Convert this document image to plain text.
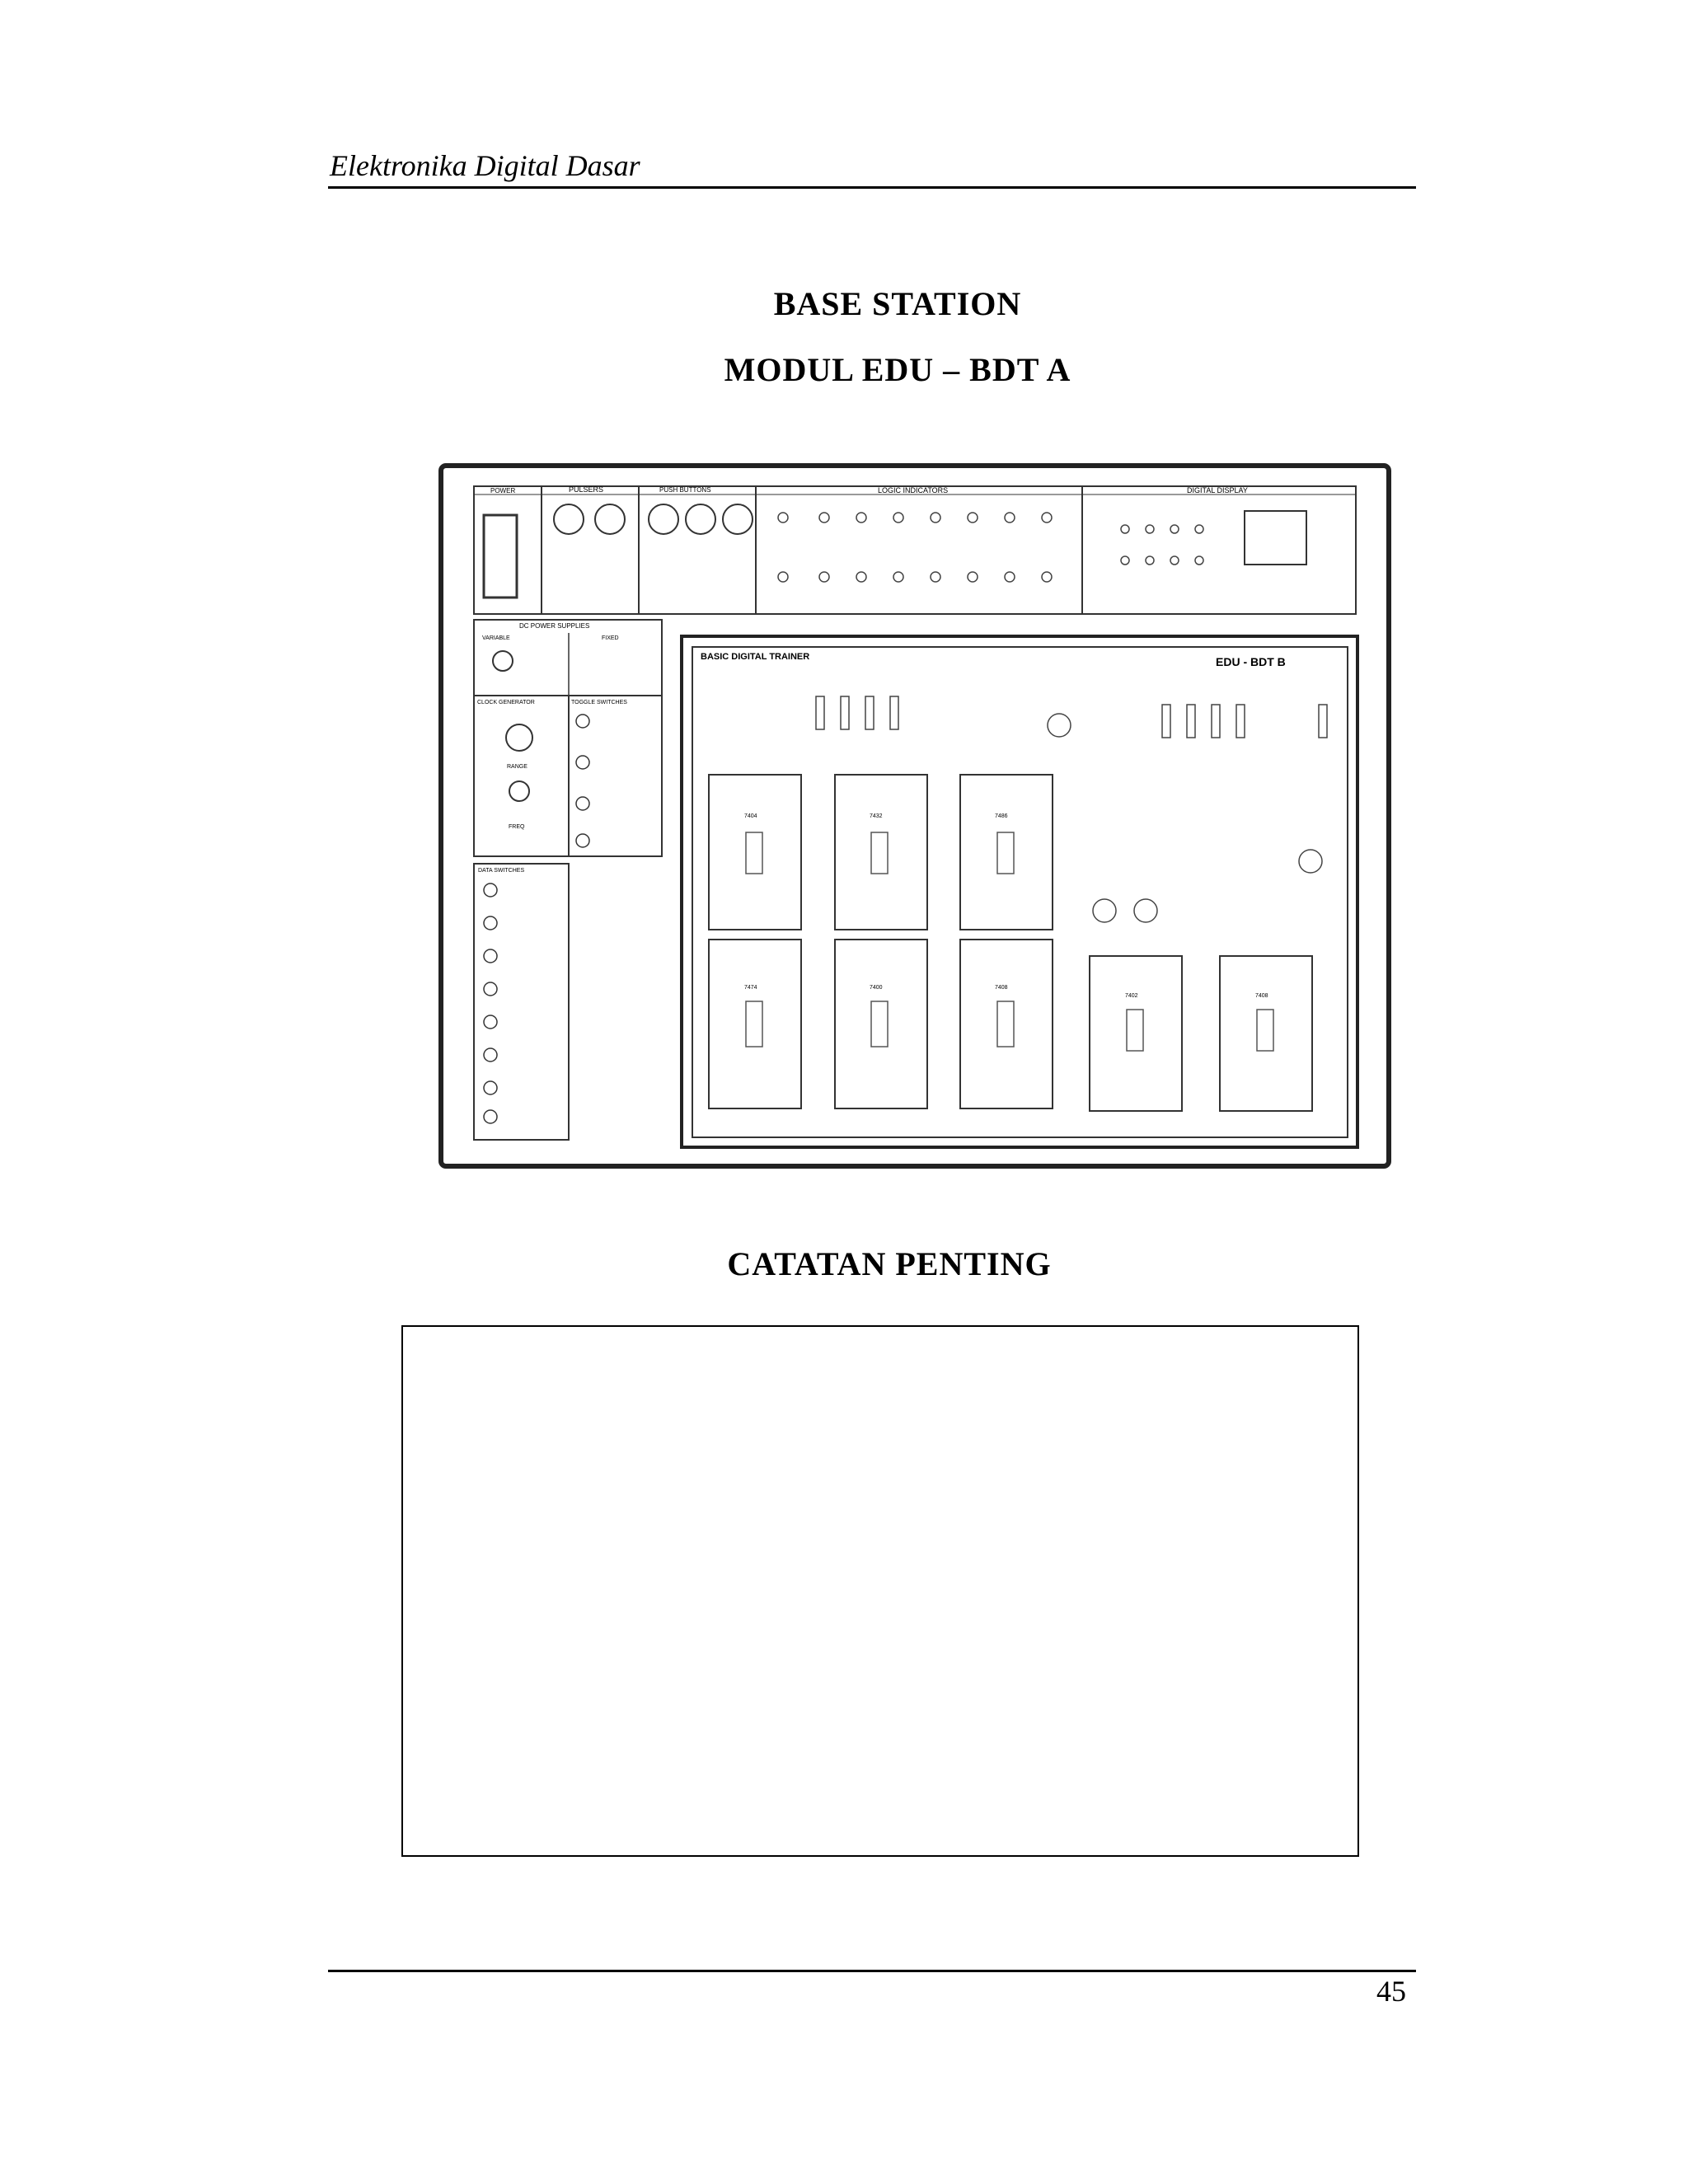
Elektronika Digital Dasar
BASE STATION
MODUL EDU – BDT A
POWER	PULSERS	PUSH BUTTONS	LOGIC INDICATORS	DIGITAL DISPLAY
DC POWER SUPPLIES
VARIABLE	FIXED
CLOCK GENERATOR	TOGGLE SWITCHES
RANGE
FREQ
DATA SWITCHES
BASIC DIGITAL TRAINER	EDU - BDT B
7404	7432	7486
7474	7400	7408
7402	7408
CATATAN PENTING
45
